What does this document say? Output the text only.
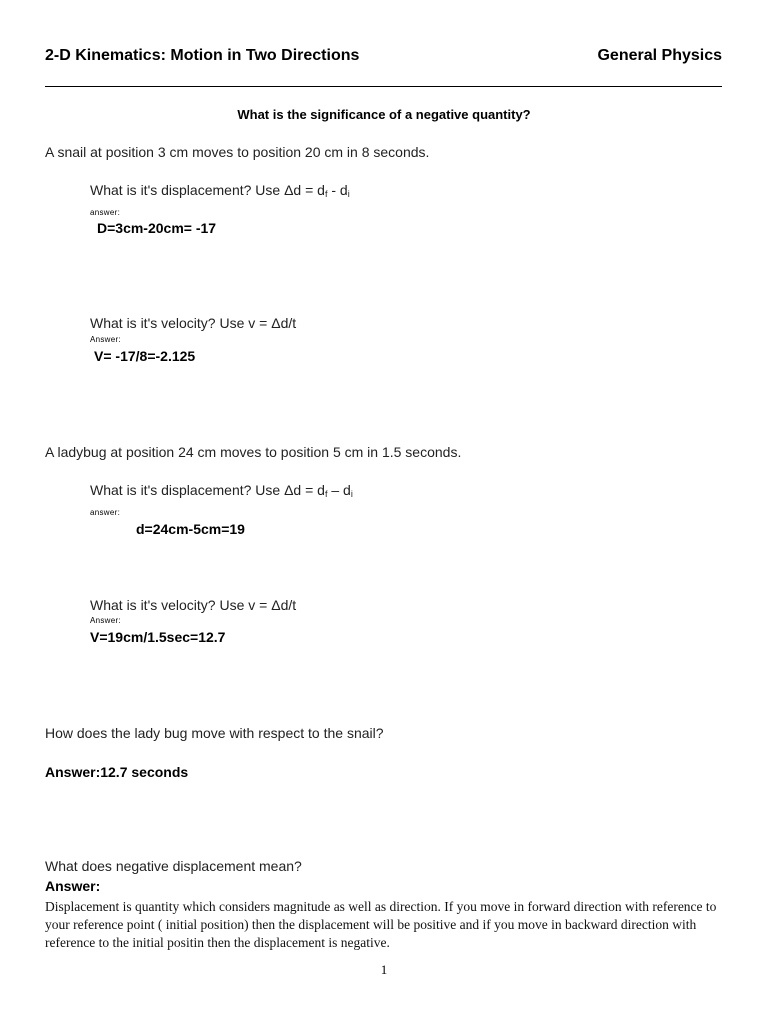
2-D Kinematics: Motion in Two Directions	General Physics
What is the significance of a negative quantity?
A snail at position 3 cm moves to position 20 cm in 8 seconds.
What is it's displacement? Use $\Delta d = d_f - d_i$
answer:
D=3cm-20cm= -17
What is it's velocity? Use v = Δd/t
Answer:
V= -17/8=-2.125
A ladybug at position 24 cm moves to position 5 cm in 1.5 seconds.
What is it's displacement? Use $\Delta d = d_f - d_i$
answer:
d=24cm-5cm=19
What is it's velocity? Use v = Δd/t
Answer:
V=19cm/1.5sec=12.7
How does the lady bug move with respect to the snail?
Answer:12.7 seconds
What does negative displacement mean?
Answer:
Displacement is quantity which considers magnitude as well as direction. If you move in forward direction with reference to your reference point ( initial position) then the displacement will be positive and if you move in backward direction with reference to the initial positin then the displacement is negative.
1
